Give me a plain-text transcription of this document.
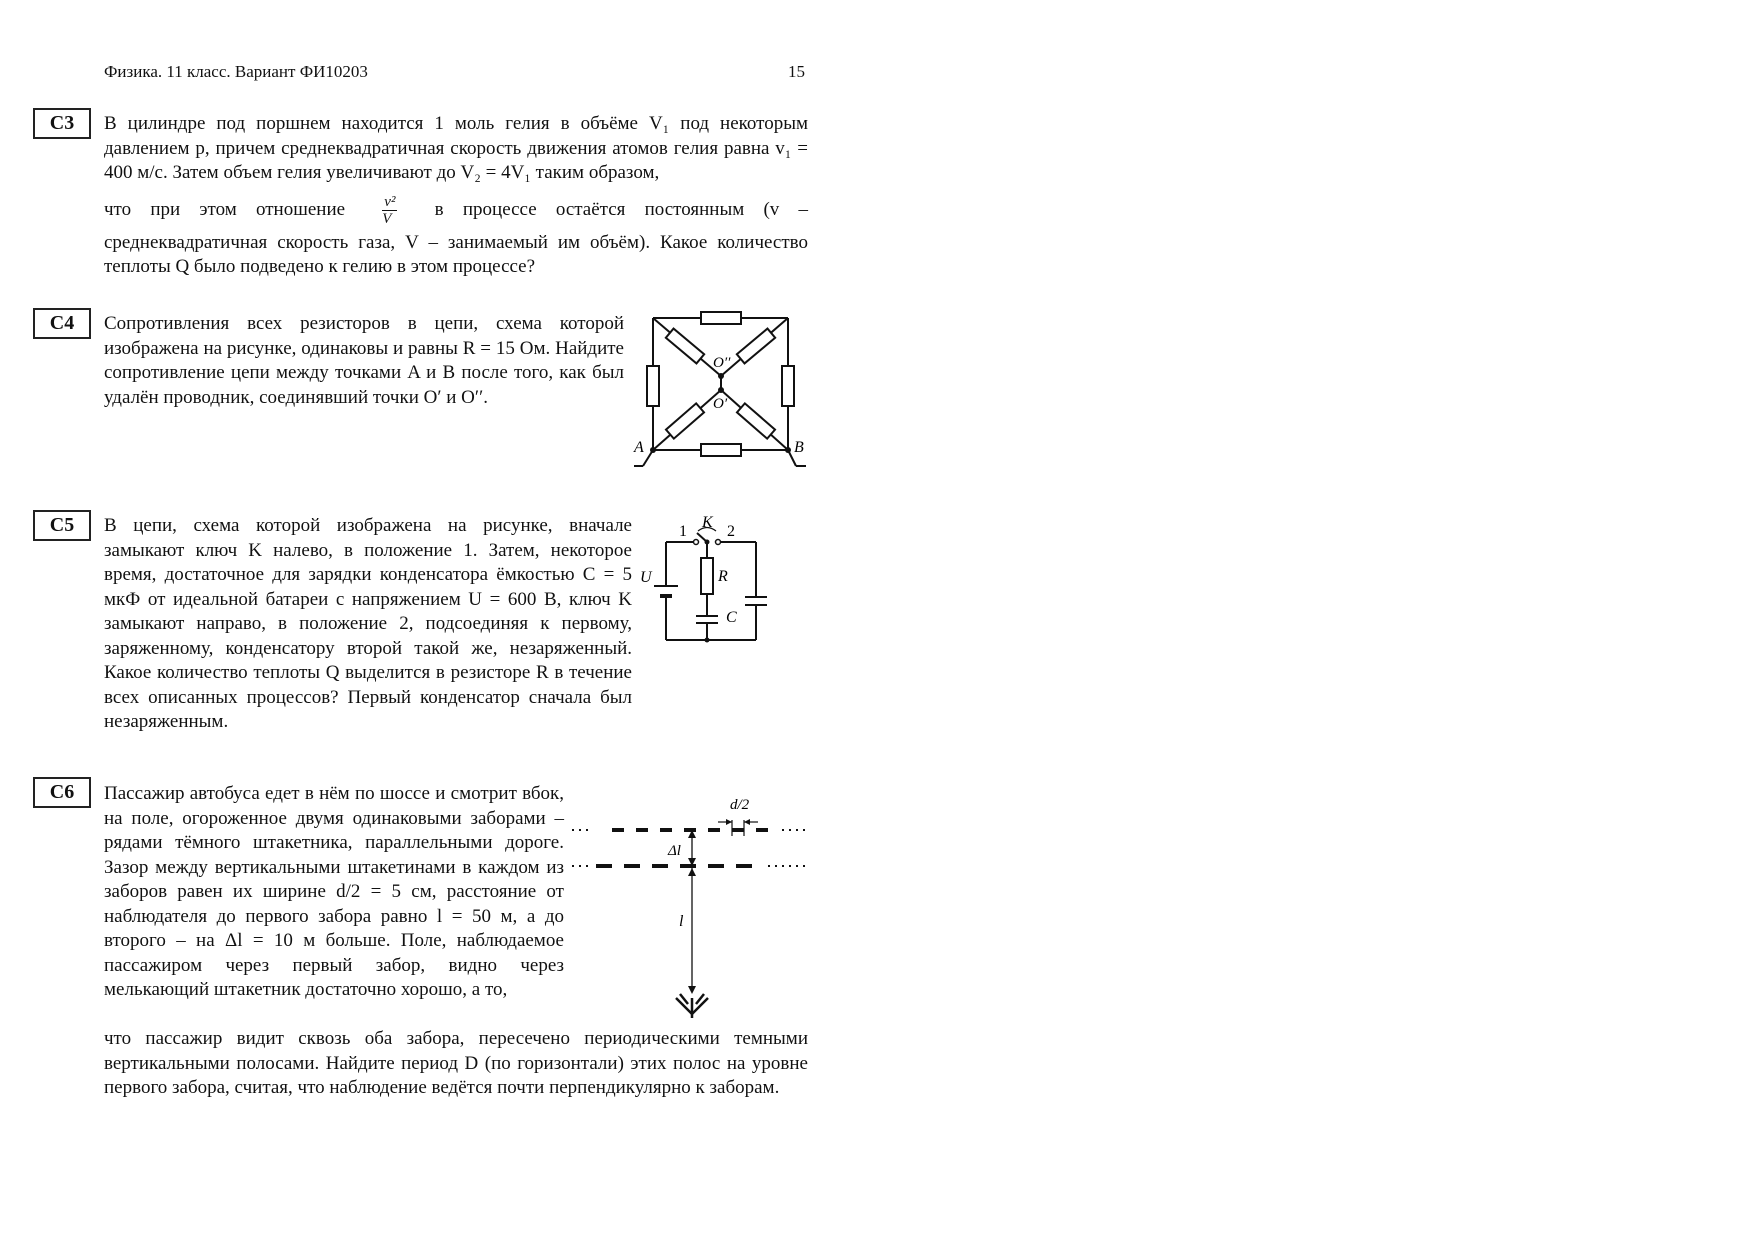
Физика. 11 класс. Вариант ФИ10203	15
C3	В цилиндре под поршнем находится 1 моль гелия в объёме V₁ под некоторым давлением p, причем среднеквадратичная скорость движения атомов гелия равна v₁ = 400 м/с. Затем объем гелия увеличивают до V₂ = 4V₁ таким образом,

что при этом отношение $\frac{\text{v²}}{V}$ в процессе остаётся постоянным (v –

среднеквадратичная скорость газа, V – занимаемый им объём). Какое количество теплоты Q было подведено к гелию в этом процессе?

C4	Сопротивления всех резисторов в цепи, схема которой изображена на рисунке, одинаковы и равны R = 15 Ом. Найдите сопротивление цепи между точками A и B после того, как был удалён проводник, соединявший точки O′ и O′′.
O′′
O′
A	B
C5	В цепи, схема которой изображена на рисунке, вначале замыкают ключ K налево, в положение 1. Затем, некоторое время, достаточное для зарядки конденсатора ёмкостью C = 5 мкФ от идеальной батареи с напряжением U = 600 В, ключ K замыкают направо, в положение 2, подсоединяя к первому, заряженному, конденсатору второй такой же, незаряженный. Какое количество теплоты Q выделится в резисторе R в течение всех описанных процессов? Первый конденсатор сначала был незаряженным.
1
K
2
U	R
C
C6	Пассажир автобуса едет в нём по шоссе и смотрит вбок, на поле, огороженное двумя одинаковыми заборами – рядами тёмного штакетника, параллельными дороге. Зазор между вертикальными штакетинами в каждом из заборов равен их ширине d/2 = 5 см, расстояние от наблюдателя до первого забора равно l = 50 м, а до второго – на Δl = 10 м больше. Поле, наблюдаемое пассажиром через первый забор, видно через мелькающий штакетник достаточно хорошо, а то,
что пассажир видит сквозь оба забора, пересечено периодическими темными вертикальными полосами. Найдите период D (по горизонтали) этих полос на уровне первого забора, считая, что наблюдение ведётся почти перпендикулярно к заборам.
d/2
Δl
l
